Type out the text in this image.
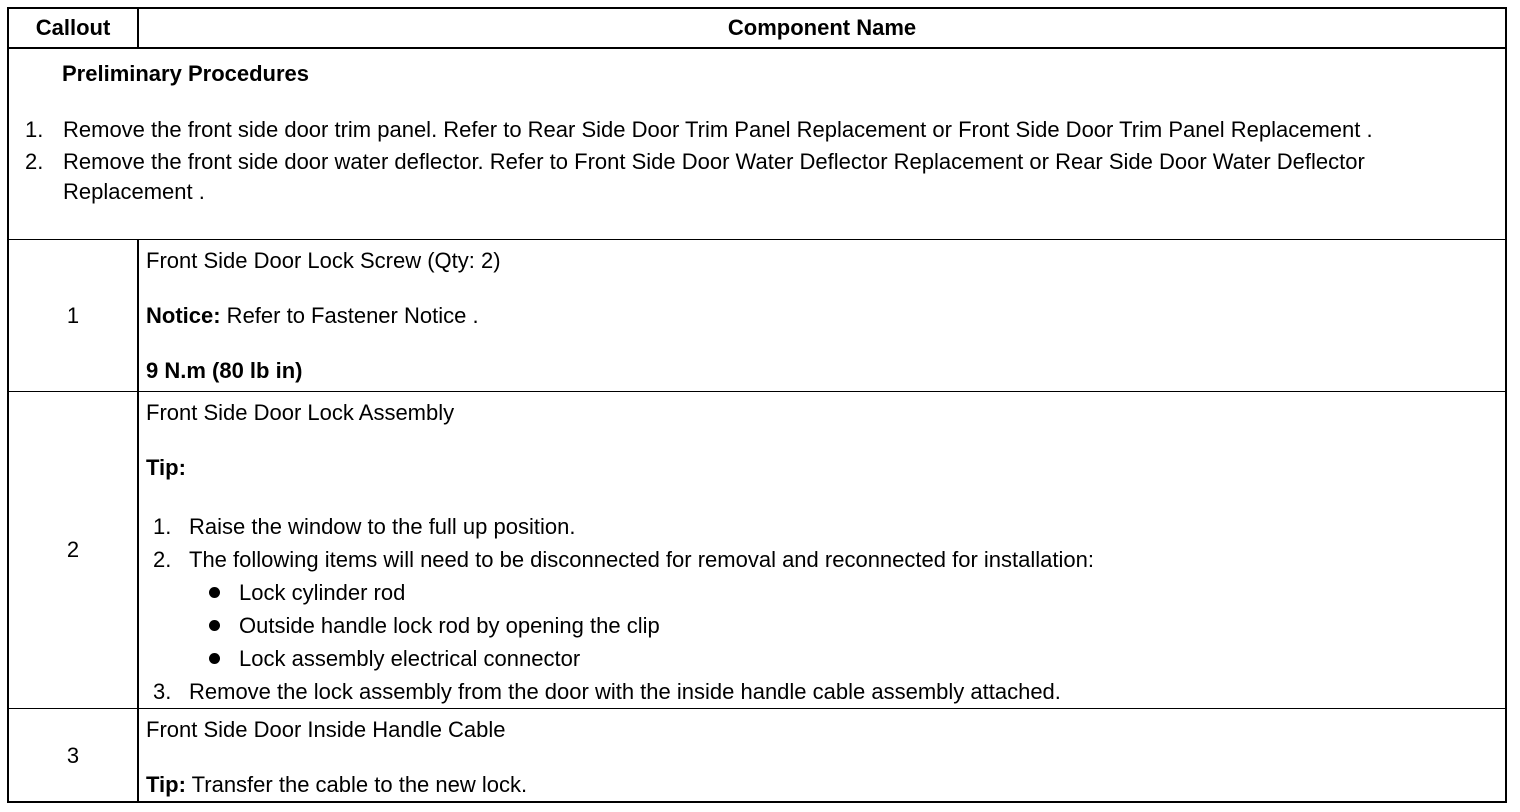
Callout	Component Name
Preliminary Procedures
1. Remove the front side door trim panel. Refer to Rear Side Door Trim Panel Replacement or Front Side Door Trim Panel Replacement .
2. Remove the front side door water deflector. Refer to Front Side Door Water Deflector Replacement or Rear Side Door Water Deflector Replacement .
1
Front Side Door Lock Screw (Qty: 2)
Notice: Refer to Fastener Notice .
9 N.m (80 lb in)
2
Front Side Door Lock Assembly
Tip:
1. Raise the window to the full up position.
2. The following items will need to be disconnected for removal and reconnected for installation:
Lock cylinder rod
Outside handle lock rod by opening the clip
Lock assembly electrical connector
3. Remove the lock assembly from the door with the inside handle cable assembly attached.
3
Front Side Door Inside Handle Cable
Tip: Transfer the cable to the new lock.
